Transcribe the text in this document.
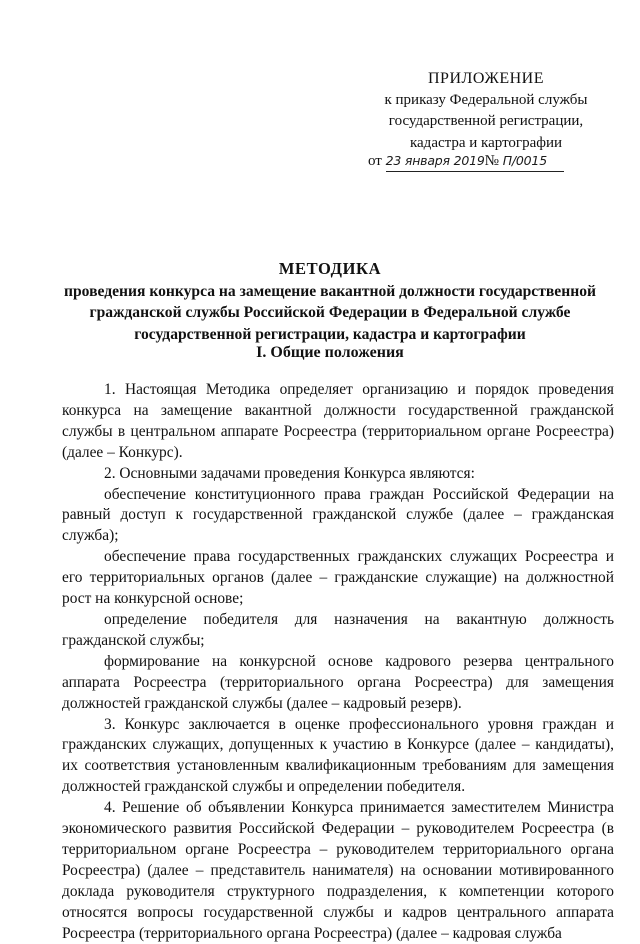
ПРИЛОЖЕНИЕ
к приказу Федеральной службы
государственной регистрации,
кадастра и картографии
от 23 января 2019№ П/0015
МЕТОДИКА
проведения конкурса на замещение вакантной должности государственной
гражданской службы Российской Федерации в Федеральной службе
государственной регистрации, кадастра и картографии
I. Общие положения

1. Настоящая Методика определяет организацию и порядок проведения конкурса на замещение вакантной должности государственной гражданской службы в центральном аппарате Росреестра (территориальном органе Росреестра) (далее – Конкурс).

2. Основными задачами проведения Конкурса являются:

обеспечение конституционного права граждан Российской Федерации на равный доступ к государственной гражданской службе (далее – гражданская служба);

обеспечение права государственных гражданских служащих Росреестра и его территориальных органов (далее – гражданские служащие) на должностной рост на конкурсной основе;

определение победителя для назначения на вакантную должность гражданской службы;

формирование на конкурсной основе кадрового резерва центрального аппарата Росреестра (территориального органа Росреестра) для замещения должностей гражданской службы (далее – кадровый резерв).

3. Конкурс заключается в оценке профессионального уровня граждан и гражданских служащих, допущенных к участию в Конкурсе (далее – кандидаты), их соответствия установленным квалификационным требованиям для замещения должностей гражданской службы и определении победителя.

4. Решение об объявлении Конкурса принимается заместителем Министра экономического развития Российской Федерации – руководителем Росреестра (в территориальном органе Росреестра – руководителем территориального органа Росреестра) (далее – представитель нанимателя) на основании мотивированного доклада руководителя структурного подразделения, к компетенции которого относятся вопросы государственной службы и кадров центрального аппарата Росреестра (территориального органа Росреестра) (далее – кадровая служба
